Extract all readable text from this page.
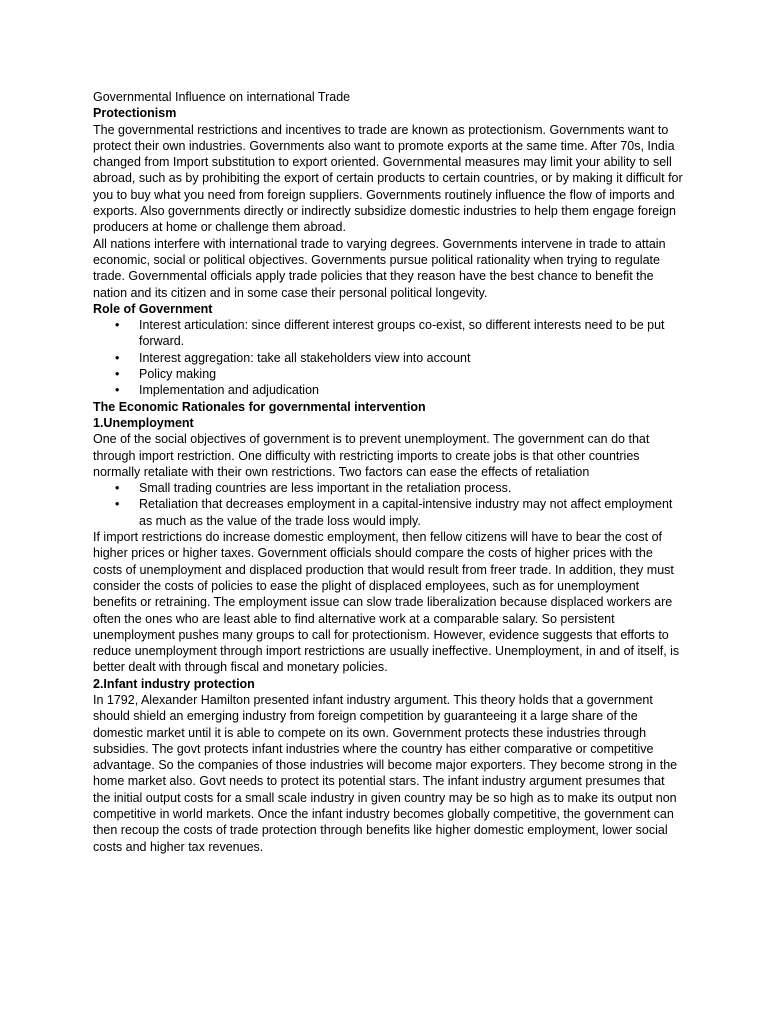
Governmental Influence on international Trade

Protectionism

The governmental restrictions and incentives to trade are known as protectionism. Governments want to protect their own industries. Governments also want to promote exports at the same time. After 70s, India changed from Import substitution to export oriented. Governmental measures may limit your ability to sell abroad, such as by prohibiting the export of certain products to certain countries, or by making it difficult for you to buy what you need from foreign suppliers. Governments routinely influence the flow of imports and exports. Also governments directly or indirectly subsidize domestic industries to help them engage foreign producers at home or challenge them abroad.

All nations interfere with international trade to varying degrees. Governments intervene in trade to attain economic, social or political objectives. Governments pursue political rationality when trying to regulate trade. Governmental officials apply trade policies that they reason have the best chance to benefit the nation and its citizen and in some case their personal political longevity.

Role of Government

• Interest articulation: since different interest groups co-exist, so different interests need to be put forward.
• Interest aggregation: take all stakeholders view into account
• Policy making
• Implementation and adjudication

The Economic Rationales for governmental intervention

1.Unemployment

One of the social objectives of government is to prevent unemployment. The government can do that through import restriction. One difficulty with restricting imports to create jobs is that other countries normally retaliate with their own restrictions. Two factors can ease the effects of retaliation

• Small trading countries are less important in the retaliation process.
• Retaliation that decreases employment in a capital-intensive industry may not affect employment as much as the value of the trade loss would imply.

If import restrictions do increase domestic employment, then fellow citizens will have to bear the cost of higher prices or higher taxes. Government officials should compare the costs of higher prices with the costs of unemployment and displaced production that would result from freer trade. In addition, they must consider the costs of policies to ease the plight of displaced employees, such as for unemployment benefits or retraining. The employment issue can slow trade liberalization because displaced workers are often the ones who are least able to find alternative work at a comparable salary. So persistent unemployment pushes many groups to call for protectionism. However, evidence suggests that efforts to reduce unemployment through import restrictions are usually ineffective. Unemployment, in and of itself, is better dealt with through fiscal and monetary policies.

2.Infant industry protection

In 1792, Alexander Hamilton presented infant industry argument. This theory holds that a government should shield an emerging industry from foreign competition by guaranteeing it a large share of the domestic market until it is able to compete on its own. Government protects these industries through subsidies. The govt protects infant industries where the country has either comparative or competitive advantage. So the companies of those industries will become major exporters. They become strong in the home market also. Govt needs to protect its potential stars. The infant industry argument presumes that the initial output costs for a small scale industry in given country may be so high as to make its output non competitive in world markets. Once the infant industry becomes globally competitive, the government can then recoup the costs of trade protection through benefits like higher domestic employment, lower social costs and higher tax revenues.
